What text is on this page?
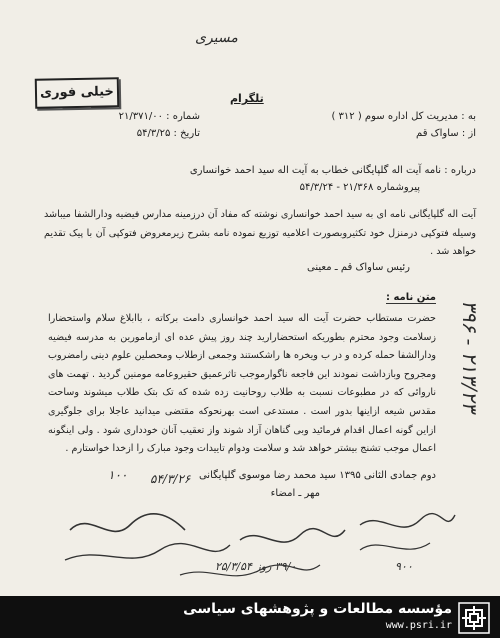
مسیری
خیلی فوری	تلگرام
به : مدیریت کل اداره سوم ( ۳۱۲ )
از : ساواک قم
شماره : ۲۱/۳۷۱/۰۰
تاریخ : ۵۴/۳/۲۵
درباره : نامه آیت اله گلپایگانی خطاب به آیت اله سید احمد خوانساری
پیروشماره ۲۱/۳۶۸ - ۵۴/۳/۲۴
آیت اله گلپایگانی نامه ای به سید احمد خوانساری نوشته که مفاد آن درزمینه مدارس فیضیه ودارالشفا میباشد وسیله فتوکپی درمنزل خود تکثیروبصورت اعلامیه توزیع نموده نامه بشرح زیرمعروض فتوکپی آن با پیک تقدیم خواهد شد .
رئیس ساواک قم ـ معینی
متن نامه :
حضرت مستطاب حضرت آیت اله سید احمد خوانساری دامت برکاته ، باابلاغ سلام واستحضارا زسلامت وجود محترم بطوریکه استحضارارید چند روز پیش عده ای ازمامورین به مدرسه فیضیه ودارالشفا حمله کرده و در ب ویخره ها راشکستند وجمعی ازطلاب ومحصلین علوم دینی رامضروب ومجروح وبازداشت نمودند این فاجعه ناگوارموجب تاثرعمیق حقیروعامه مومنین گردید . تهمت های ناروائی که در مطبوعات نسبت به طلاب روحانیت زده شده که تک بتک طلاب میشوند وساحت مقدس شیعه ازاینها بدور است . مستدعی است بهرنحوکه مقتضی میدانید عاجلا برای جلوگیری ازاین گونه اعمال اقدام فرمائید وبی گناهان آزاد شوند واز تعقیب آنان خودداری شود . ولی اینگونه اعمال موجب تشنج بیشتر خواهد شد و سلامت ودوام تاییدات وجود مبارک را ازخدا خواستارم .
دوم جمادی الثانی ۱۳۹۵ سید محمد رضا موسوی گلپایگانی
مهر ـ امضاء
۳۹۶ - ۲۱۳/۲۳
۱۰۰ ۵۴/۳/۲۶
۳۹/۰ روز ۲۵/۳/۵۴	۹۰۰
مؤسسه مطالعات و پژوهشهای سیاسی
www.psri.ir
